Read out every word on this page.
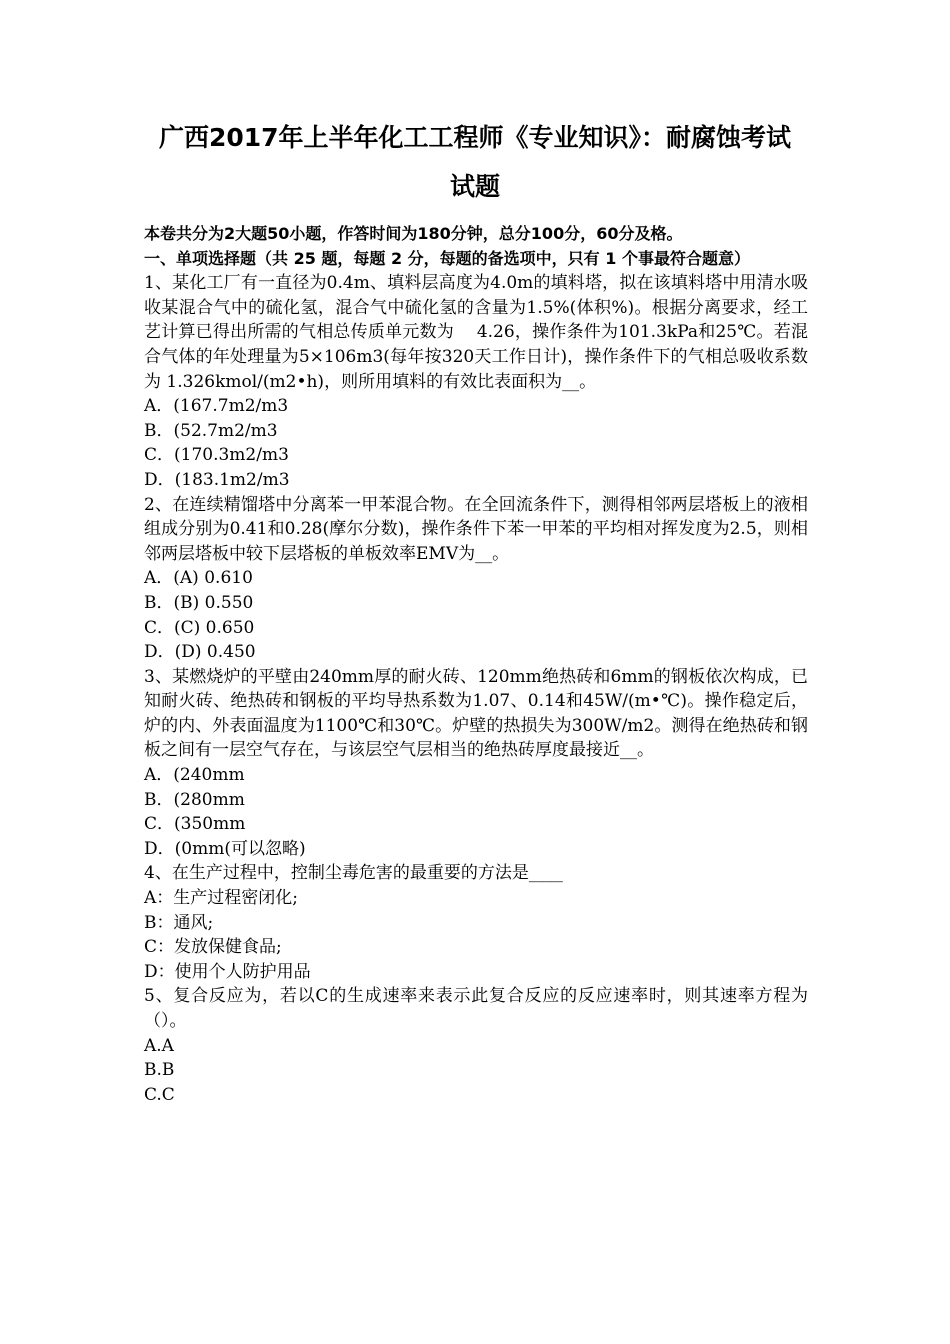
广西2017年上半年化工工程师《专业知识》：耐腐蚀考试
试题
本卷共分为2大题50小题，作答时间为180分钟，总分100分，60分及格。
一、单项选择题（共 25 题，每题 2 分，每题的备选项中，只有 1 个事最符合题意）
1、某化工厂有一直径为0.4m、填料层高度为4.0m的填料塔，拟在该填料塔中用清水吸收某混合气中的硫化氢，混合气中硫化氢的含量为1.5%(体积%)。根据分离要求，经工艺计算已得出所需的气相总传质单元数为　 4.26，操作条件为101.3kPa和25℃。若混合气体的年处理量为5×106m3(每年按320天工作日计)，操作条件下的气相总吸收系数为 1.326kmol/(m2•h)，则所用填料的有效比表面积为__。
A．(167.7m2/m3
B．(52.7m2/m3
C．(170.3m2/m3
D．(183.1m2/m3
2、在连续精馏塔中分离苯一甲苯混合物。在全回流条件下，测得相邻两层塔板上的液相组成分别为0.41和0.28(摩尔分数)，操作条件下苯一甲苯的平均相对挥发度为2.5，则相邻两层塔板中较下层塔板的单板效率EMV为__。
A．(A) 0.610
B．(B) 0.550
C．(C) 0.650
D．(D) 0.450
3、某燃烧炉的平壁由240mm厚的耐火砖、120mm绝热砖和6mm的钢板依次构成，已知耐火砖、绝热砖和钢板的平均导热系数为1.07、0.14和45W/(m•℃)。操作稳定后，炉的内、外表面温度为1100℃和30℃。炉壁的热损失为300W/m2。测得在绝热砖和钢板之间有一层空气存在，与该层空气层相当的绝热砖厚度最接近__。
A．(240mm
B．(280mm
C．(350mm
D．(0mm(可以忽略)
4、在生产过程中，控制尘毒危害的最重要的方法是____
A：生产过程密闭化;
B：通风;
C：发放保健食品;
D：使用个人防护用品
5、复合反应为，若以C的生成速率来表示此复合反应的反应速率时，则其速率方程为（）。
A.A
B.B
C.C
